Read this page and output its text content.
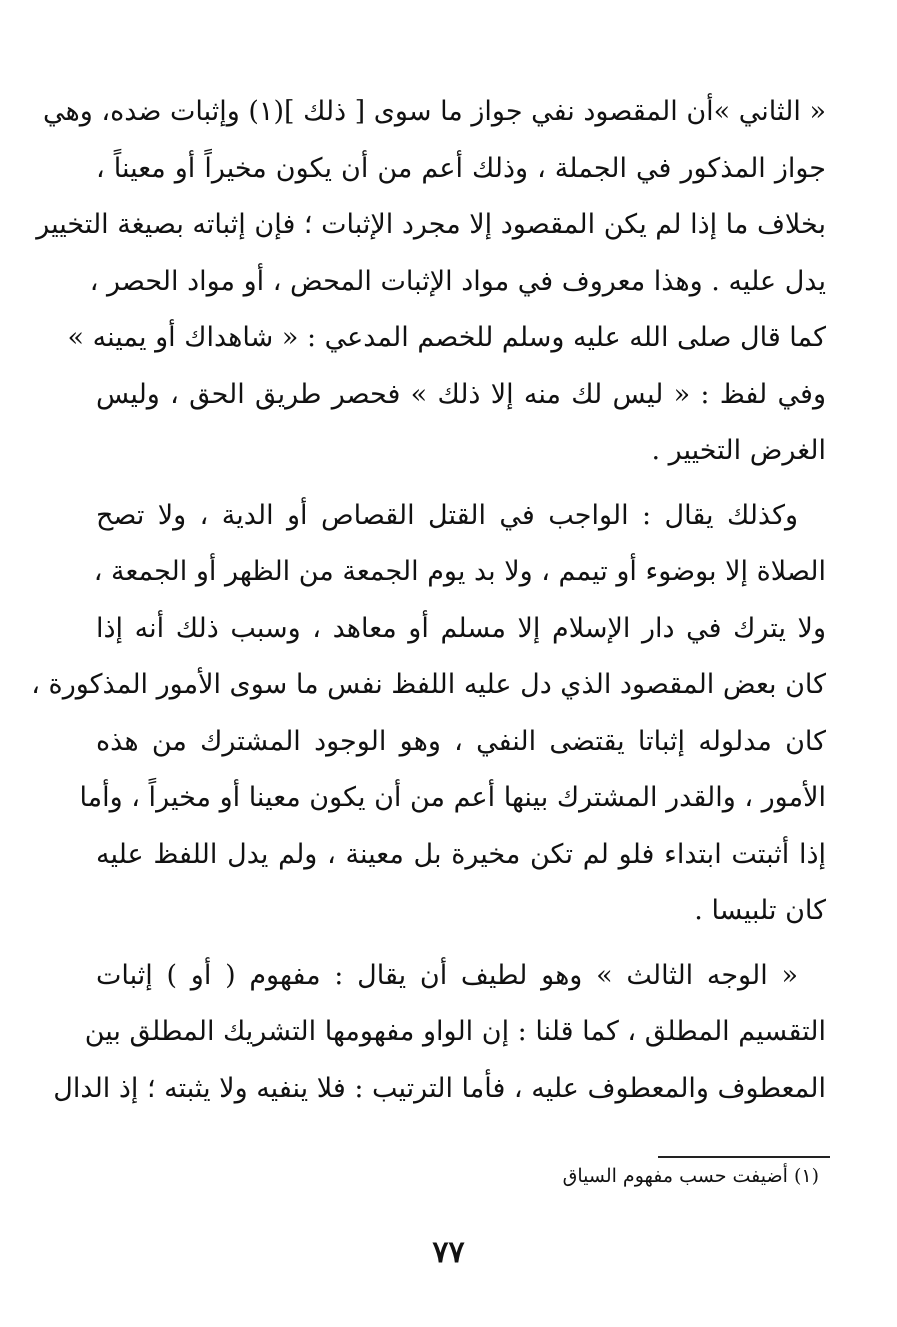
« الثاني »أن المقصود نفي جواز ما سوى [ ذلك ](١) وإثبات ضده، وهي
جواز المذكور في الجملة ، وذلك أعم من أن يكون مخيراً أو معيناً ،
بخلاف ما إذا لم يكن المقصود إلا مجرد الإثبات ؛ فإن إثباته بصيغة التخيير
يدل عليه . وهذا معروف في مواد الإثبات المحض ، أو مواد الحصر ،
كما قال صلى الله عليه وسلم للخصم المدعي : « شاهداك أو يمينه »
وفي لفظ : « ليس لك منه إلا ذلك » فحصر طريق الحق ، وليس
الغرض التخيير .
وكذلك يقال : الواجب في القتل القصاص أو الدية ، ولا تصح
الصلاة إلا بوضوء أو تيمم ، ولا بد يوم الجمعة من الظهر أو الجمعة ،
ولا يترك في دار الإسلام إلا مسلم أو معاهد ، وسبب ذلك أنه إذا
كان بعض المقصود الذي دل عليه اللفظ نفس ما سوى الأمور المذكورة ،
كان مدلوله إثباتا يقتضى النفي ، وهو الوجود المشترك من هذه
الأمور ، والقدر المشترك بينها أعم من أن يكون معينا أو مخيراً ، وأما
إذا أثبتت ابتداء فلو لم تكن مخيرة بل معينة ، ولم يدل اللفظ عليه
كان تلبيسا .
« الوجه الثالث » وهو لطيف أن يقال : مفهوم ( أو ) إثبات
التقسيم المطلق ، كما قلنا : إن الواو مفهومها التشريك المطلق بين
المعطوف والمعطوف عليه ، فأما الترتيب : فلا ينفيه ولا يثبته ؛ إذ الدال
(١) أضيفت حسب مفهوم السياق
٧٧
